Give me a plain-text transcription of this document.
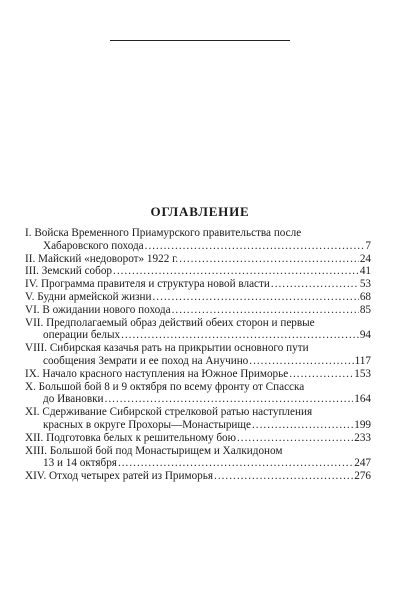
ОГЛАВЛЕНИЕ
I. Войска Временного Приамурского правительства после
Хабаровского похода .....	7
II. Майский «недоворот» 1922 г. .....	24
III. Земский собор .....	41
IV. Программа правителя и структура новой власти .....	53
V. Будни армейской жизни .....	68
VI. В ожидании нового похода .....	85
VII. Предполагаемый образ действий обеих сторон и первые
операции белых .....	94
VIII. Сибирская казачья рать на прикрытии основного пути
сообщения Земрати и ее поход на Анучино .....	117
IX. Начало красного наступления на Южное Приморье .....	153
X. Большой бой 8 и 9 октября по всему фронту от Спасска
до Ивановки .....	164
XI. Сдерживание Сибирской стрелковой ратью наступления
красных в округе Прохоры—Монастырище .....	199
XII. Подготовка белых к решительному бою .....	233
XIII. Большой бой под Монастырищем и Халкидоном
13 и 14 октября .....	247
XIV. Отход четырех ратей из Приморья .....	276
